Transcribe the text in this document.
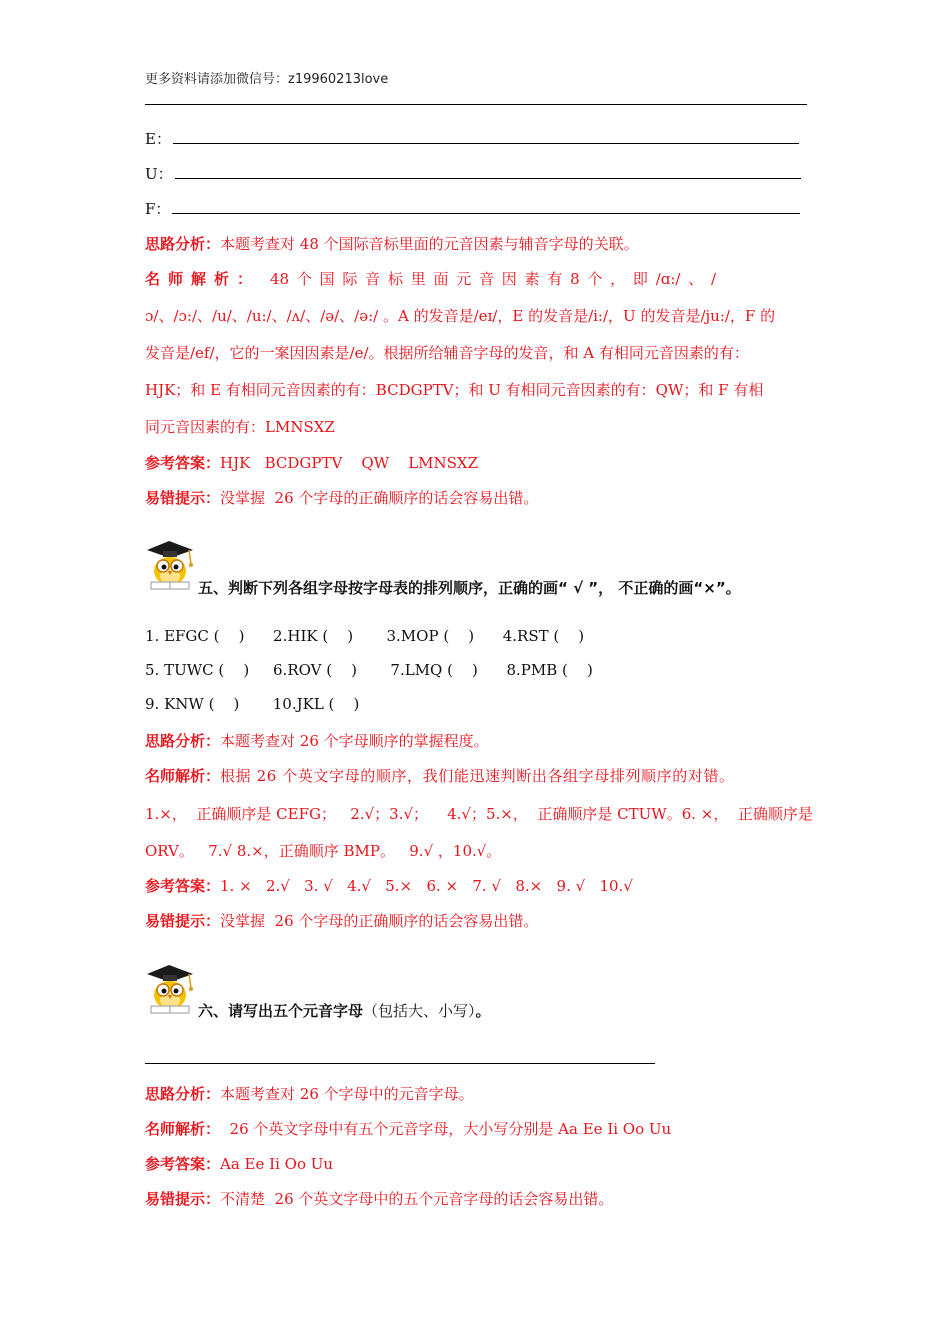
更多资料请添加微信号：z19960213love
E：
U：
F：
思路分析：本题考查对 48 个国际音标里面的元音因素与辅音字母的关联。
名师解析： 48 个 国 际 音 标 里 面 元 音 因 素 有 8 个 ， 即 /ɑ:/ 、 /
ɔ/、/ɔ:/、/u/、/u:/、/ʌ/、/ə/、/ə:/ 。A 的发音是/eɪ/，E 的发音是/i:/，U 的发音是/ju:/，F 的
发音是/ef/，它的一案因因素是/e/。根据所给辅音字母的发音，和 A 有相同元音因素的有：
HJK；和 E 有相同元音因素的有：BCDGPTV；和 U 有相同元音因素的有：QW；和 F 有相
同元音因素的有：LMNSXZ
参考答案：HJK   BCDGPTV    QW    LMNSXZ
易错提示：没掌握  26 个字母的正确顺序的话会容易出错。
五、判断下列各组字母按字母表的排列顺序，正确的画“ √ ”， 不正确的画“×”。
1. EFGC (    )      2.HIK (    )       3.MOP (    )      4.RST (    )
5. TUWC (    )     6.ROV (    )       7.LMQ (    )      8.PMB (    )
9. KNW (    )       10.JKL (    )
思路分析：本题考查对 26 个字母顺序的掌握程度。
名师解析：根据 26 个英文字母的顺序，我们能迅速判断出各组字母排列顺序的对错。
1.×，  正确顺序是 CEFG；   2.√；3.√；    4.√；5.×，  正确顺序是 CTUW。6. ×，  正确顺序是
ORV。   7.√ 8.×，正确顺序 BMP。   9.√ ，10.√。
参考答案：1. ×   2.√   3. √   4.√   5.×   6. ×   7. √   8.×   9. √   10.√
易错提示：没掌握  26 个字母的正确顺序的话会容易出错。
六、请写出五个元音字母（包括大、小写）。
思路分析：本题考查对 26 个字母中的元音字母。
名师解析：  26 个英文字母中有五个元音字母，大小写分别是 Aa Ee Ii Oo Uu
参考答案：Aa Ee Ii Oo Uu
易错提示：不清楚  26 个英文字母中的五个元音字母的话会容易出错。
